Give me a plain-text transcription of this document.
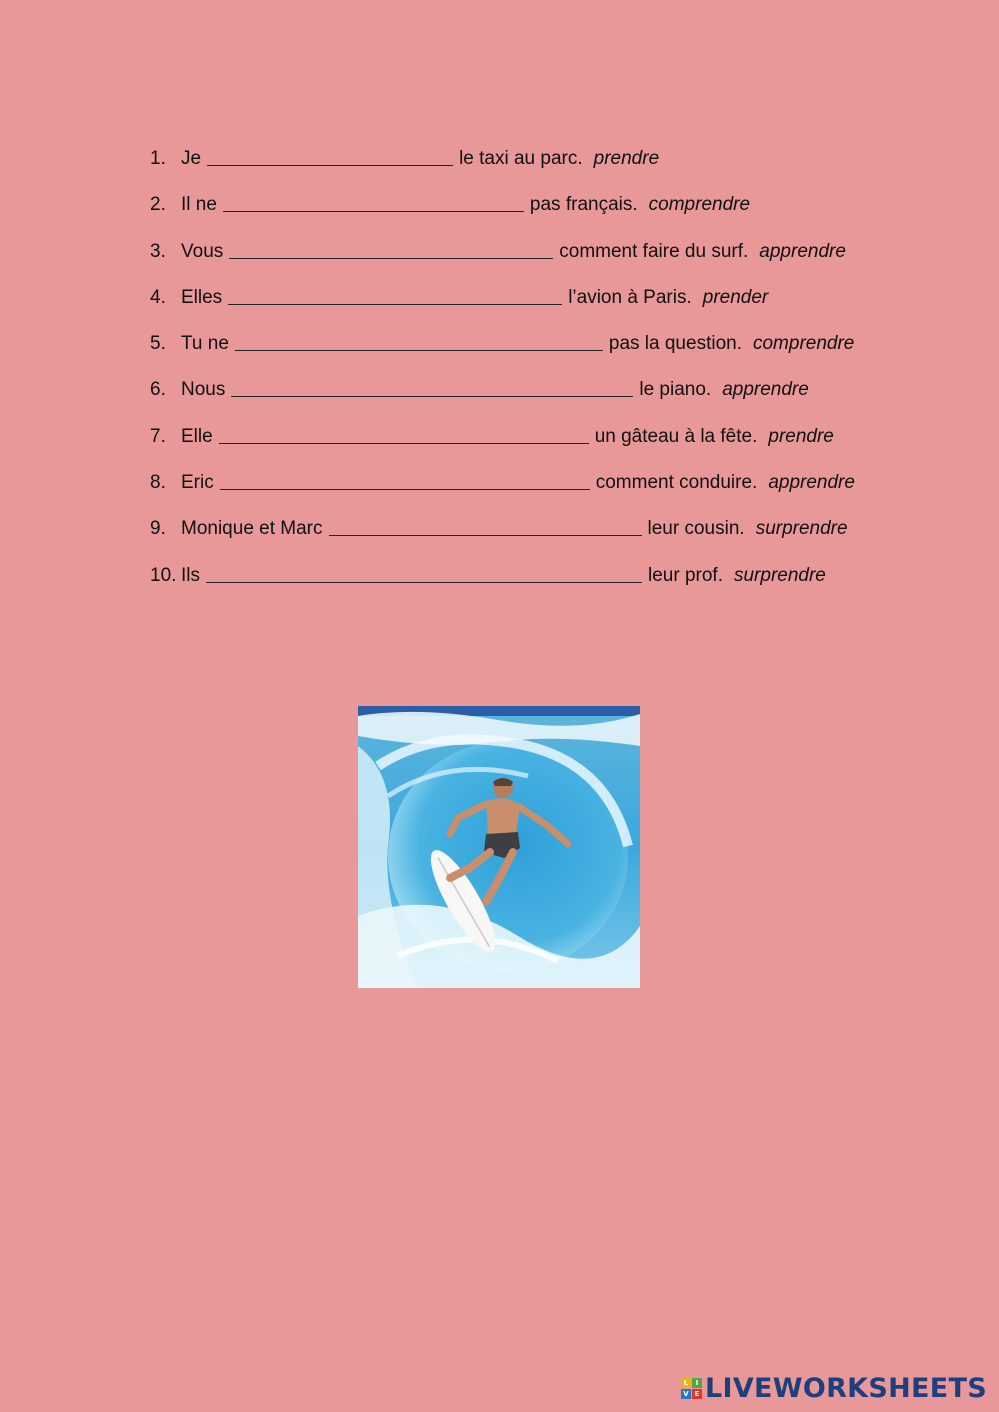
1. Je	le taxi au parc. prendre
2. Il ne	pas français. comprendre
3. Vous	comment faire du surf. apprendre
4. Elles	l’avion à Paris. prender
5. Tu ne	pas la question. comprendre
6. Nous	le piano. apprendre
7. Elle	un gâteau à la fête. prendre
8. Eric	comment conduire. apprendre
9. Monique et Marc	leur cousin. surprendre
10. Ils	leur prof. surprendre
L	I
V E LIVEWORKSHEETS
